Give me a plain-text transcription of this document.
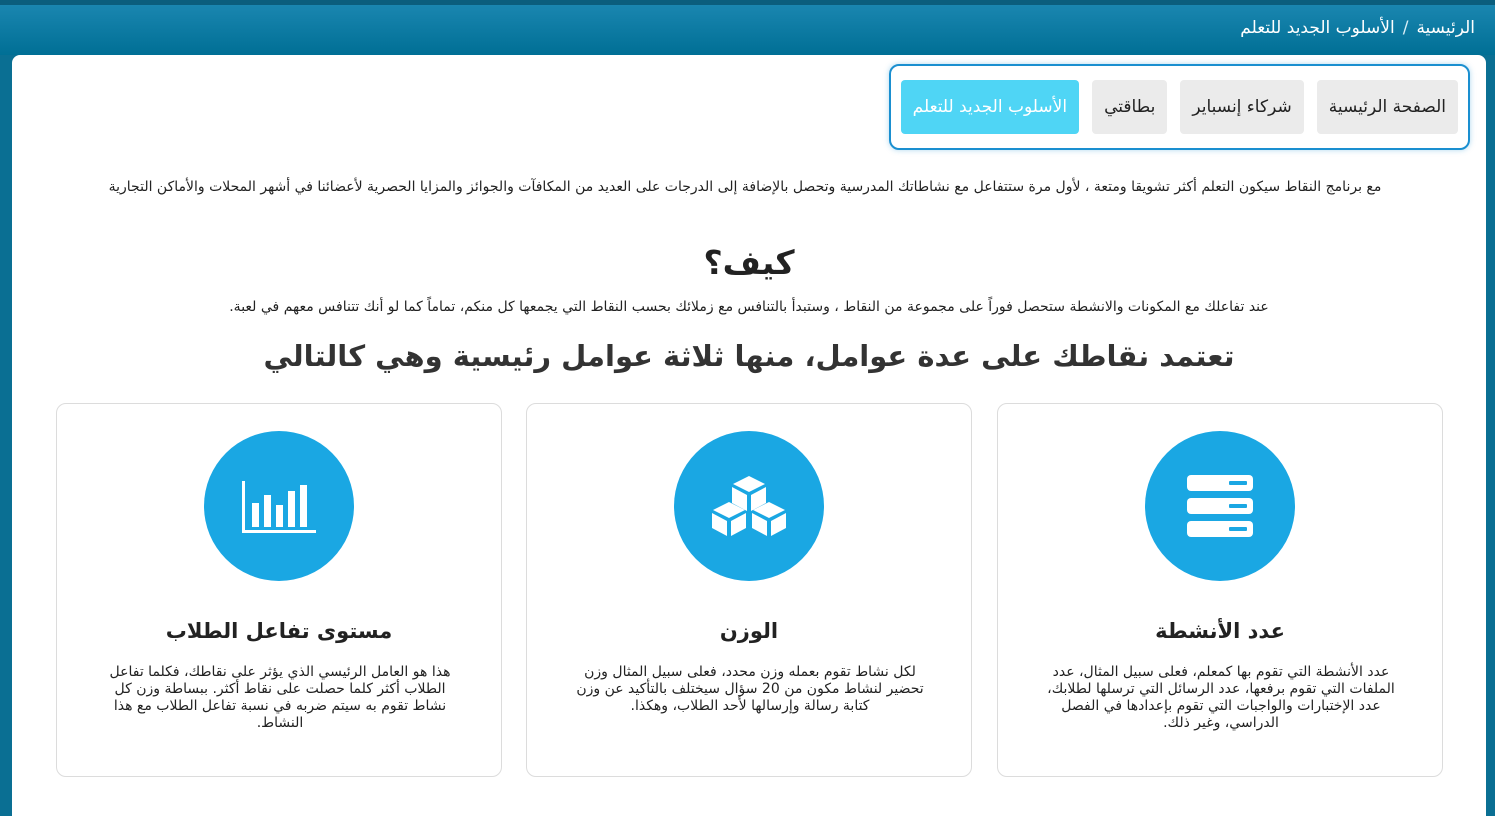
الرئيسية
/
الأسلوب الجديد للتعلم
الصفحة الرئيسية
شركاء إنسباير
بطاقتي
الأسلوب الجديد للتعلم

مع برنامج النقاط سيكون التعلم أكثر تشويقا ومتعة ، لأول مرة ستتفاعل مع نشاطاتك المدرسية وتحصل بالإضافة إلى الدرجات على العديد من المكافآت والجوائز والمزايا الحصرية لأعضائنا في أشهر المحلات والأماكن التجارية

كيف؟

عند تفاعلك مع المكونات والانشطة ستحصل فوراً على مجموعة من النقاط ، وستبدأ بالتنافس مع زملائك بحسب النقاط التي يجمعها كل منكم، تماماً كما لو أنك تتنافس معهم في لعبة.

تعتمد نقاطك على عدة عوامل، منها ثلاثة عوامل رئيسية وهي كالتالي
عدد الأنشطة

عدد الأنشطة التي تقوم بها كمعلم، فعلى سبيل المثال، عدد الملفات التي تقوم برفعها، عدد الرسائل التي ترسلها لطلابك، عدد الإختبارات والواجبات التي تقوم بإعدادها في الفصل الدراسي، وغير ذلك.

الوزن

لكل نشاط تقوم بعمله وزن محدد، فعلى سبيل المثال وزن تحضير لنشاط مكون من 20 سؤال سيختلف بالتأكيد عن وزن كتابة رسالة وإرسالها لأحد الطلاب، وهكذا.

مستوى تفاعل الطلاب

هذا هو العامل الرئيسي الذي يؤثر على نقاطك، فكلما تفاعل الطلاب أكثر كلما حصلت على نقاط أكثر. ببساطة وزن كل نشاط تقوم به سيتم ضربه في نسبة تفاعل الطلاب مع هذا النشاط.
